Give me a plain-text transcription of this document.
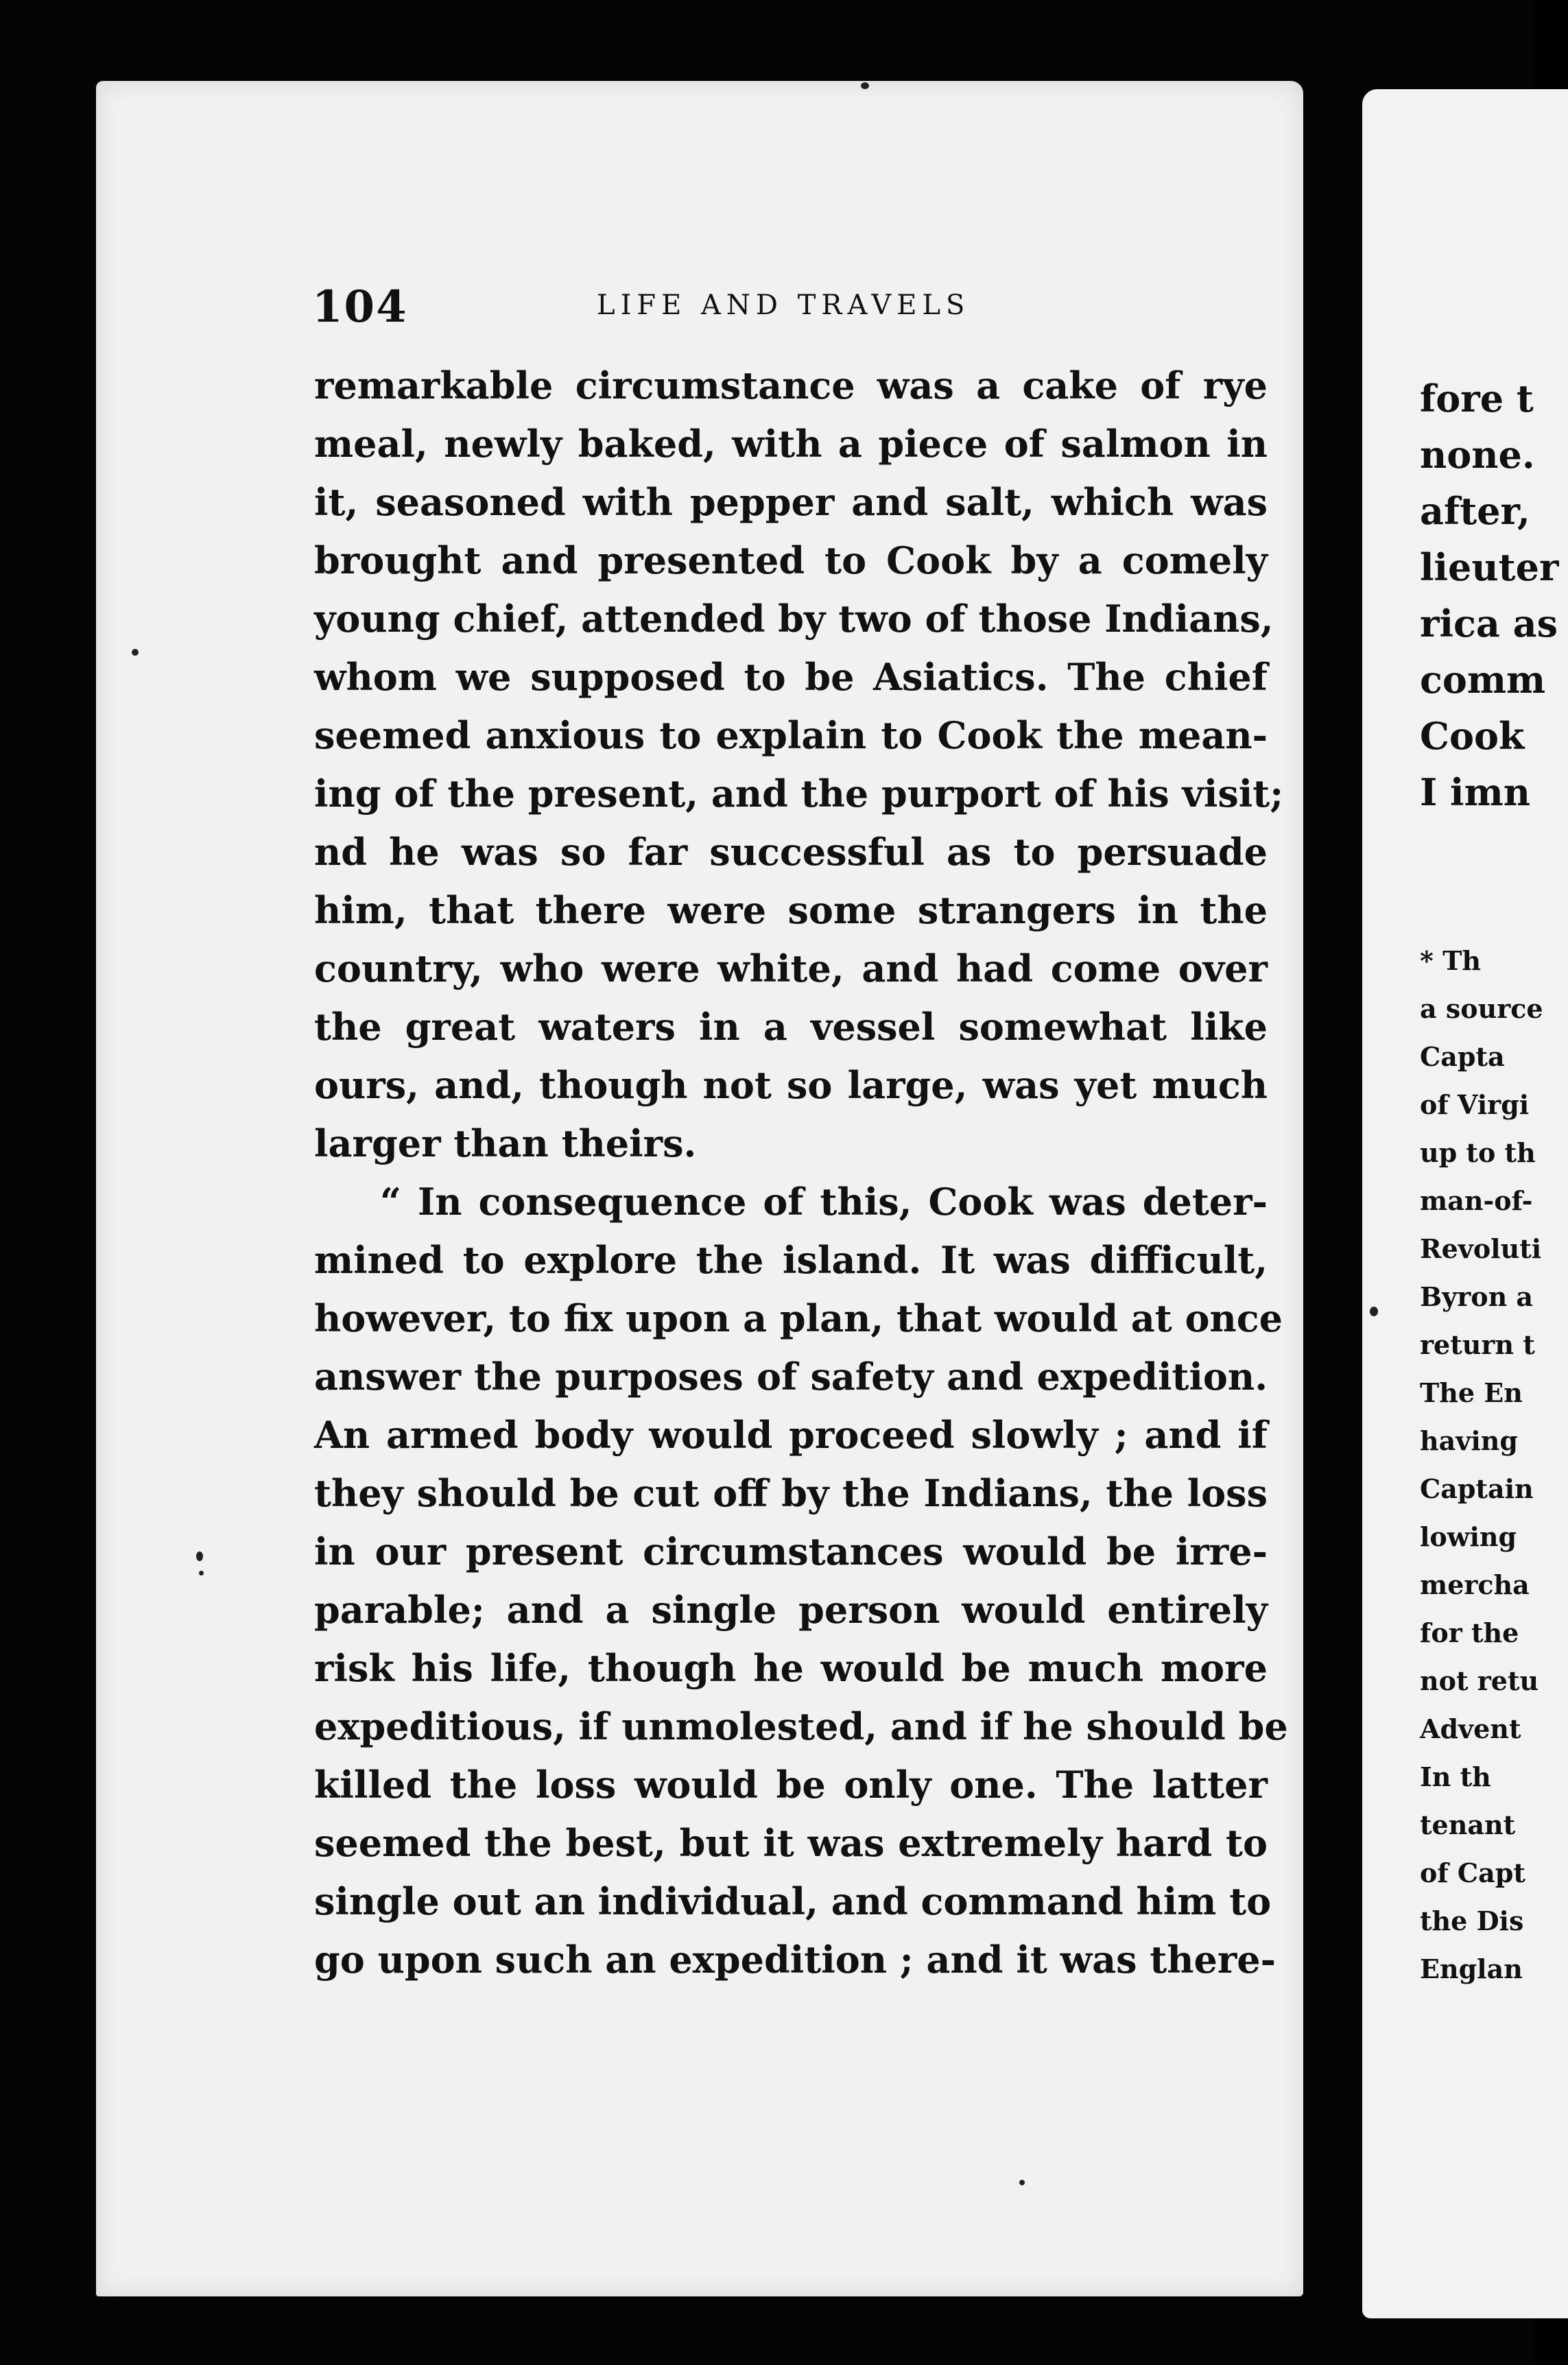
104	LIFE AND TRAVELS
remarkable circumstance was a cake of rye
meal, newly baked, with a piece of salmon in
it, seasoned with pepper and salt, which was
brought and presented to Cook by a comely
young chief, attended by two of those Indians,
whom we supposed to be Asiatics. The chief
seemed anxious to explain to Cook the mean-
ing of the present, and the purport of his visit;
nd he was so far successful as to persuade
him, that there were some strangers in the
country, who were white, and had come over
the great waters in a vessel somewhat like
ours, and, though not so large, was yet much
larger than theirs.
“ In consequence of this, Cook was deter-
mined to explore the island. It was difficult,
however, to fix upon a plan, that would at once
answer the purposes of safety and expedition.
An armed body would proceed slowly ; and if
they should be cut off by the Indians, the loss
in our present circumstances would be irre-
parable; and a single person would entirely
risk his life, though he would be much more
expeditious, if unmolested, and if he should be
killed the loss would be only one. The latter
seemed the best, but it was extremely hard to
single out an individual, and command him to
go upon such an expedition ; and it was there-
fore t
none.
after,
lieuter
rica as
comm
Cook
I imn
* Th
a source
Capta
of Virgi
up to th
man-of-
Revoluti
Byron a
return t
The En
having
Captain
lowing
mercha
for the
not retu
Advent
In th
tenant
of Capt
the Dis
Englan
